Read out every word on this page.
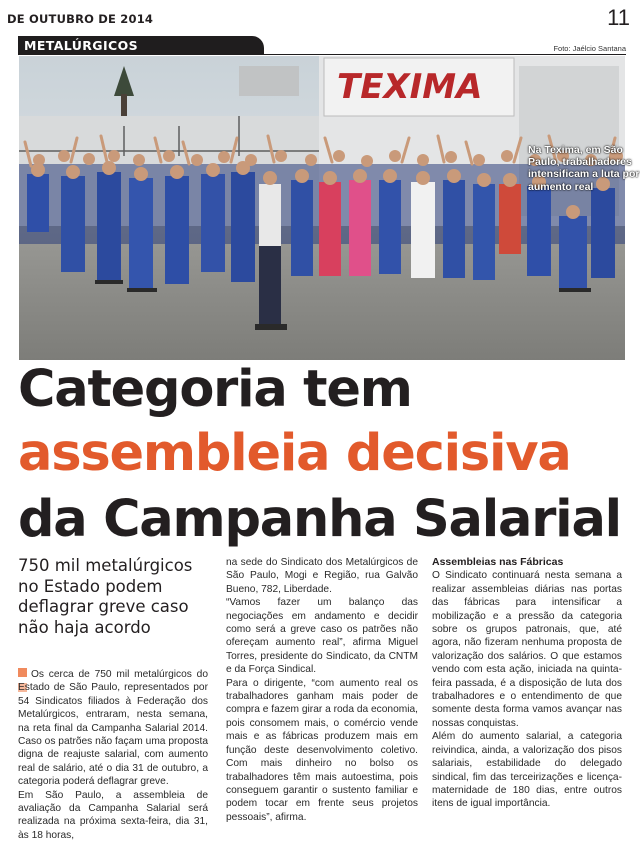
DE OUTUBRO DE 2014	11
METALÚRGICOS	Foto: Jaélcio Santana
TEXIMA
Na Texima, em São Paulo, trabalhadores intensificam a luta por aumento real
Categoria tem
assembleia decisiva
da Campanha Salarial
750 mil metalúrgicos no Estado podem deflagrar greve caso não haja acordo

Os cerca de 750 mil metalúrgicos do Estado de São Paulo, representados por 54 Sindicatos filiados à Federação dos Metalúrgicos, entraram, nesta semana, na reta final da Campanha Salarial 2014. Caso os patrões não façam uma proposta digna de reajuste salarial, com aumento real de salário, até o dia 31 de outubro, a categoria poderá deflagrar greve.

Em São Paulo, a assembleia de avaliação da Campanha Salarial será realizada na próxima sexta-feira, dia 31, às 18 horas,

na sede do Sindicato dos Metalúrgicos de São Paulo, Mogi e Região, rua Galvão Bueno, 782, Liberdade.

“Vamos fazer um balanço das negociações em andamento e decidir como será a greve caso os patrões não ofereçam aumento real”, afirma Miguel Torres, presidente do Sindicato, da CNTM e da Força Sindical.

Para o dirigente, “com aumento real os trabalhadores ganham mais poder de compra e fazem girar a roda da economia, pois consomem mais, o comércio vende mais e as fábricas produzem mais em função deste desenvolvimento coletivo. Com mais dinheiro no bolso os trabalhadores têm mais autoestima, pois conseguem garantir o sustento familiar e podem tocar em frente seus projetos pessoais”, afirma.

Assembleias nas Fábricas

O Sindicato continuará nesta semana a realizar assembleias diárias nas portas das fábricas para intensificar a mobilização e a pressão da categoria sobre os grupos patronais, que, até agora, não fizeram nenhuma proposta de valorização dos salários. O que estamos vendo com esta ação, iniciada na quinta-feira passada, é a disposição de luta dos trabalhadores e o entendimento de que somente desta forma vamos avançar nas nossas conquistas.

Além do aumento salarial, a categoria reivindica, ainda, a valorização dos pisos salariais, estabilidade do delegado sindical, fim das terceirizações e licença-maternidade de 180 dias, entre outros itens de igual importância.
